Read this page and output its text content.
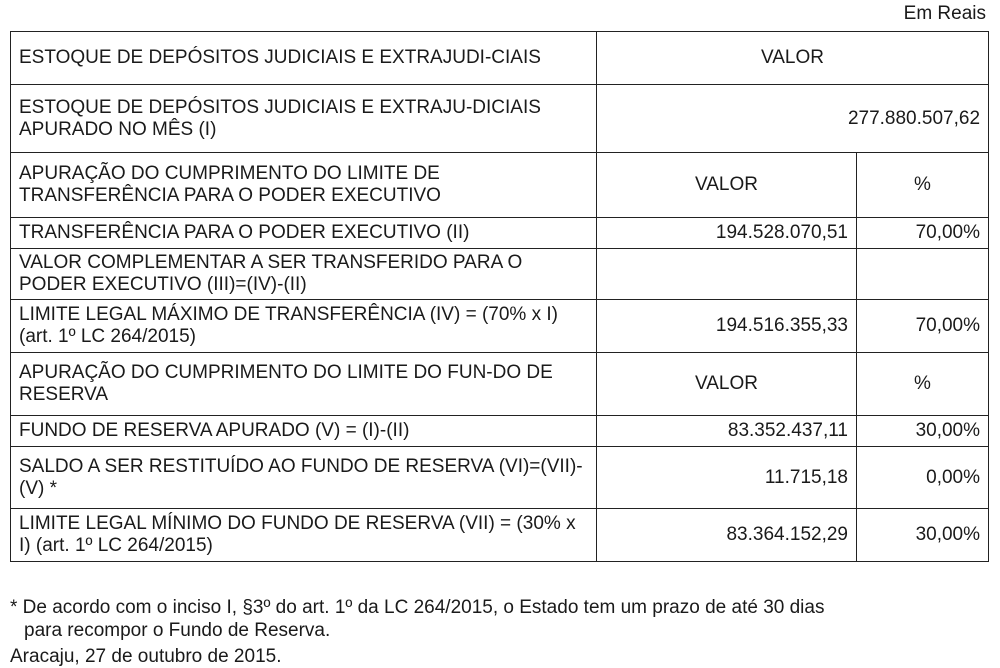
Em Reais
ESTOQUE DE DEPÓSITOS JUDICIAIS E EXTRAJUDI-CIAIS	VALOR	
ESTOQUE DE DEPÓSITOS JUDICIAIS E EXTRAJU-DICIAIS APURADO NO MÊS (I)	277.880.507,62	
APURAÇÃO DO CUMPRIMENTO DO LIMITE DE TRANSFERÊNCIA PARA O PODER EXECUTIVO	VALOR	%
TRANSFERÊNCIA PARA O PODER EXECUTIVO (II)	194.528.070,51	70,00%
VALOR COMPLEMENTAR A SER TRANSFERIDO PARA O PODER EXECUTIVO (III)=(IV)-(II)		
LIMITE LEGAL MÁXIMO DE TRANSFERÊNCIA (IV) = (70% x I) (art. 1º LC 264/2015)	194.516.355,33	70,00%
APURAÇÃO DO CUMPRIMENTO DO LIMITE DO FUN-DO DE RESERVA	VALOR	%
FUNDO DE RESERVA APURADO (V) = (I)-(II)	83.352.437,11	30,00%
SALDO A SER RESTITUÍDO AO FUNDO DE RESERVA (VI)=(VII)-(V) *	11.715,18	0,00%
LIMITE LEGAL MÍNIMO DO FUNDO DE RESERVA (VII) = (30% x I) (art. 1º LC 264/2015)	83.364.152,29	30,00%
* De acordo com o inciso I, §3º do art. 1º da LC 264/2015, o Estado tem um prazo de até 30 dias
para recompor o Fundo de Reserva.
Aracaju, 27 de outubro de 2015.
